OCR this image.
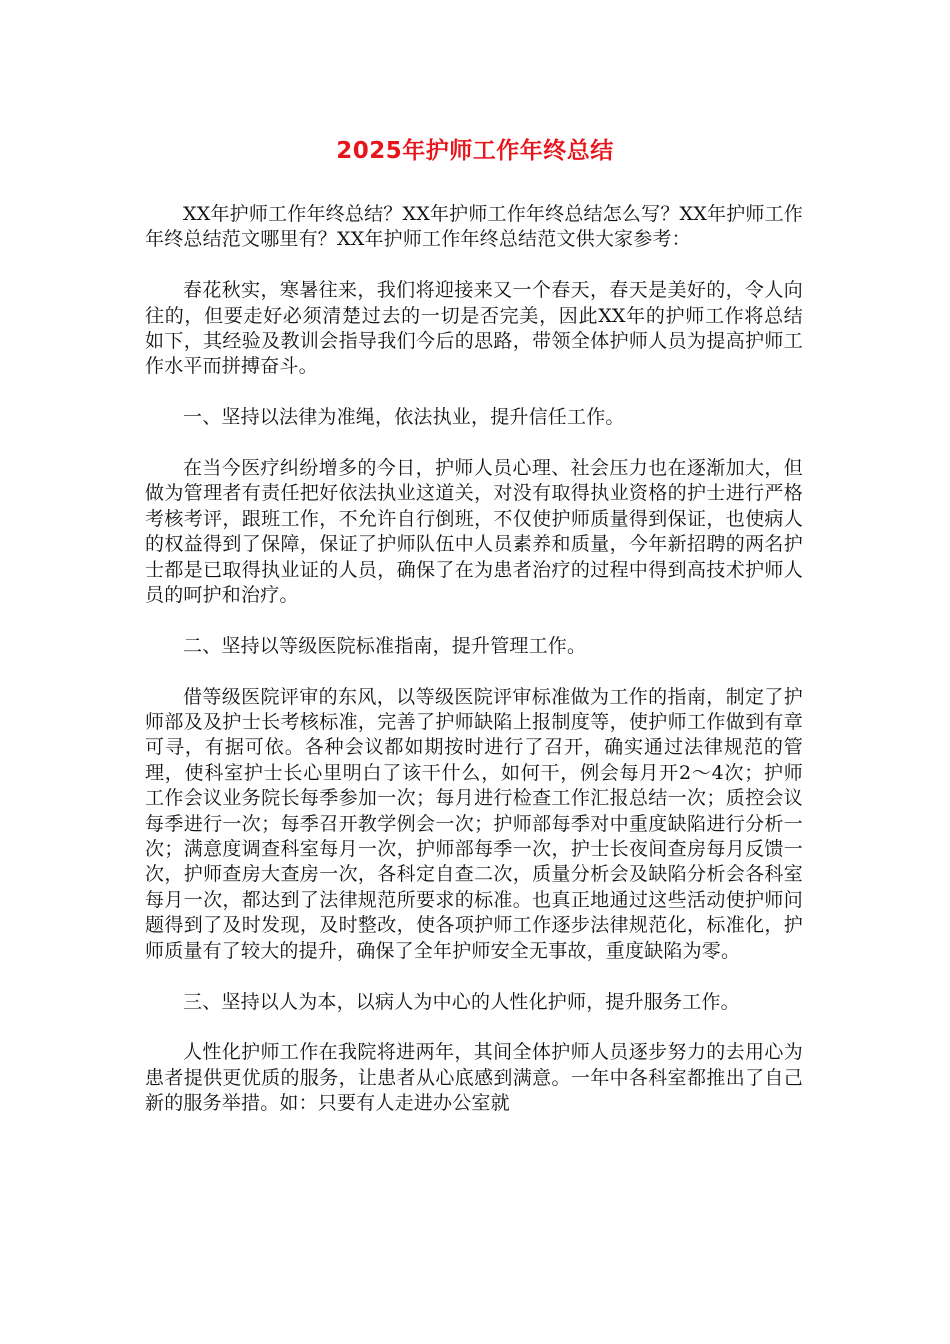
2025年护师工作年终总结

XX年护师工作年终总结？XX年护师工作年终总结怎么写？XX年护师工作年终总结范文哪里有？XX年护师工作年终总结范文供大家参考：

春花秋实，寒暑往来，我们将迎接来又一个春天，春天是美好的，令人向往的，但要走好必须清楚过去的一切是否完美，因此XX年的护师工作将总结如下，其经验及教训会指导我们今后的思路，带领全体护师人员为提高护师工作水平而拼搏奋斗。

一、坚持以法律为准绳，依法执业，提升信任工作。

在当今医疗纠纷增多的今日，护师人员心理、社会压力也在逐渐加大，但做为管理者有责任把好依法执业这道关，对没有取得执业资格的护士进行严格考核考评，跟班工作，不允许自行倒班，不仅使护师质量得到保证，也使病人的权益得到了保障，保证了护师队伍中人员素养和质量，今年新招聘的两名护士都是已取得执业证的人员，确保了在为患者治疗的过程中得到高技术护师人员的呵护和治疗。

二、坚持以等级医院标准指南，提升管理工作。

借等级医院评审的东风，以等级医院评审标准做为工作的指南，制定了护师部及及护士长考核标准，完善了护师缺陷上报制度等，使护师工作做到有章可寻，有据可依。各种会议都如期按时进行了召开，确实通过法律规范的管理，使科室护士长心里明白了该干什么，如何干，例会每月开2～4次；护师工作会议业务院长每季参加一次；每月进行检查工作汇报总结一次；质控会议每季进行一次；每季召开教学例会一次；护师部每季对中重度缺陷进行分析一次；满意度调查科室每月一次，护师部每季一次，护士长夜间查房每月反馈一次，护师查房大查房一次，各科定自查二次，质量分析会及缺陷分析会各科室每月一次，都达到了法律规范所要求的标准。也真正地通过这些活动使护师问题得到了及时发现，及时整改，使各项护师工作逐步法律规范化，标准化，护师质量有了较大的提升，确保了全年护师安全无事故，重度缺陷为零。

三、坚持以人为本，以病人为中心的人性化护师，提升服务工作。

人性化护师工作在我院将进两年，其间全体护师人员逐步努力的去用心为患者提供更优质的服务，让患者从心底感到满意。一年中各科室都推出了自己新的服务举措。如：只要有人走进办公室就
